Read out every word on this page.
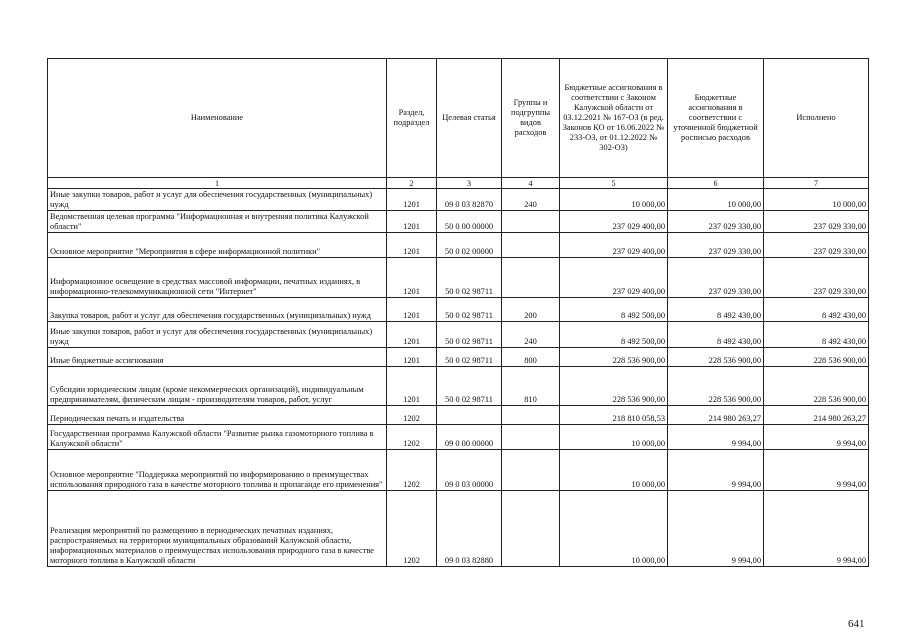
Наименование	Раздел, подраздел	Целевая статья	Группы и подгруппы видов расходов	Бюджетные ассигнования в соответствии с Законом Калужской области от 03.12.2021 № 167-ОЗ (в ред. Законов КО от 16.06.2022 № 233-ОЗ, от 01.12.2022 № 302-ОЗ)	Бюджетные ассигнования в соответствии с уточненной бюджетной росписью расходов	Исполнено
1	2	3	4	5	6	7
Иные закупки товаров, работ и услуг для обеспечения государственных (муниципальных) нужд	1201	09 0 03 82870	240	10 000,00	10 000,00	10 000,00
Ведомственная целевая программа "Информационная и внутренняя политика Калужской области"	1201	50 0 00 00000		237 029 400,00	237 029 330,00	237 029 330,00
Основное мероприятие "Мероприятия в сфере информационной политики"	1201	50 0 02 00000		237 029 400,00	237 029 330,00	237 029 330,00
Информационное освещение в средствах массовой информации, печатных изданиях, в информационно-телекоммуникационной сети "Интернет"	1201	50 0 02 98711		237 029 400,00	237 029 330,00	237 029 330,00
Закупка товаров, работ и услуг для обеспечения государственных (муниципальных) нужд	1201	50 0 02 98711	200	8 492 500,00	8 492 430,00	8 492 430,00
Иные закупки товаров, работ и услуг для обеспечения государственных (муниципальных) нужд	1201	50 0 02 98711	240	8 492 500,00	8 492 430,00	8 492 430,00
Иные бюджетные ассигнования	1201	50 0 02 98711	800	228 536 900,00	228 536 900,00	228 536 900,00
Субсидии юридическим лицам (кроме некоммерческих организаций), индивидуальным предпринимателям, физическим лицам - производителям товаров, работ, услуг	1201	50 0 02 98711	810	228 536 900,00	228 536 900,00	228 536 900,00
Периодическая печать и издательства	1202			218 810 058,53	214 980 263,27	214 980 263,27
Государственная программа Калужской области "Развитие рынка газомоторного топлива в Калужской области"	1202	09 0 00 00000		10 000,00	9 994,00	9 994,00
Основное мероприятие "Поддержка мероприятий по информированию о преимуществах использования природного газа в качестве моторного топлива и пропаганде его применения"	1202	09 0 03 00000		10 000,00	9 994,00	9 994,00
Реализация мероприятий по размещению в периодических печатных изданиях, распространяемых на территории муниципальных образований Калужской области, информационных материалов о преимуществах использования природного газа в качестве моторного топлива в Калужской области	1202	09 0 03 82880		10 000,00	9 994,00	9 994,00
641
